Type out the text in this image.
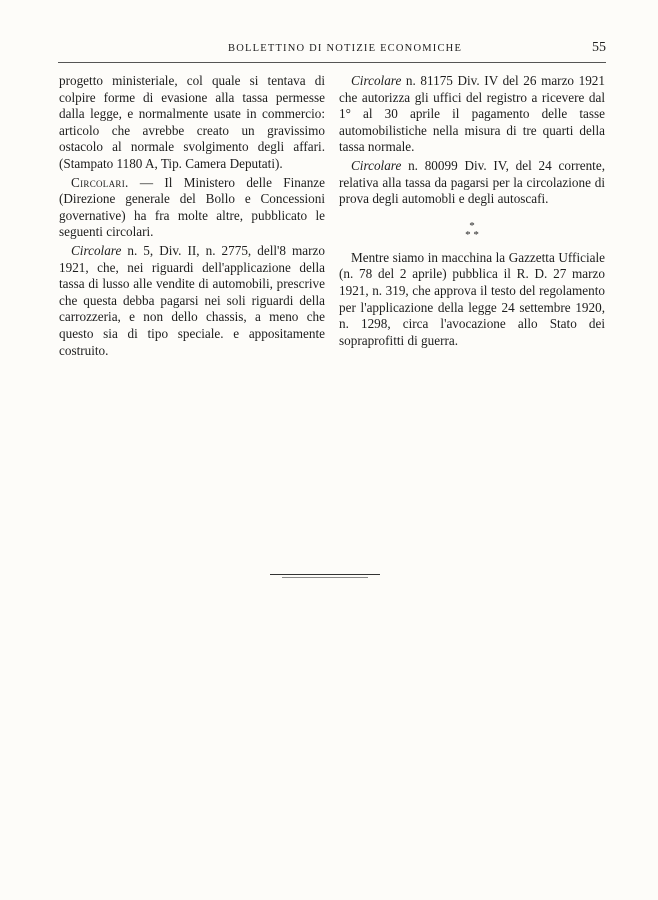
BOLLETTINO DI NOTIZIE ECONOMICHE	55

progetto ministeriale, col quale si tentava di colpire forme di evasione alla tassa permesse dalla legge, e normalmente usate in commercio: articolo che avrebbe creato un gravissimo ostacolo al normale svolgimento degli affari. (Stampato 1180 A, Tip. Camera Deputati).

Circolari. — Il Ministero delle Finanze (Direzione generale del Bollo e Concessioni governative) ha fra molte altre, pubblicato le seguenti circolari.

Circolare n. 5, Div. II, n. 2775, dell'8 marzo 1921, che, nei riguardi dell'applicazione della tassa di lusso alle vendite di automobili, prescrive che questa debba pagarsi nei soli riguardi della carrozzeria, e non dello chassis, a meno che questo sia di tipo speciale. e appositamente costruito.

Circolare n. 81175 Div. IV del 26 marzo 1921 che autorizza gli uffici del registro a ricevere dal 1° al 30 aprile il pagamento delle tasse automobilistiche nella misura di tre quarti della tassa normale.

Circolare n. 80099 Div. IV, del 24 corrente, relativa alla tassa da pagarsi per la circolazione di prova degli automobli e degli autoscafi.

*
* *

Mentre siamo in macchina la Gazzetta Ufficiale (n. 78 del 2 aprile) pubblica il R. D. 27 marzo 1921, n. 319, che approva il testo del regolamento per l'applicazione della legge 24 settembre 1920, n. 1298, circa l'avocazione allo Stato dei sopraprofitti di guerra.
